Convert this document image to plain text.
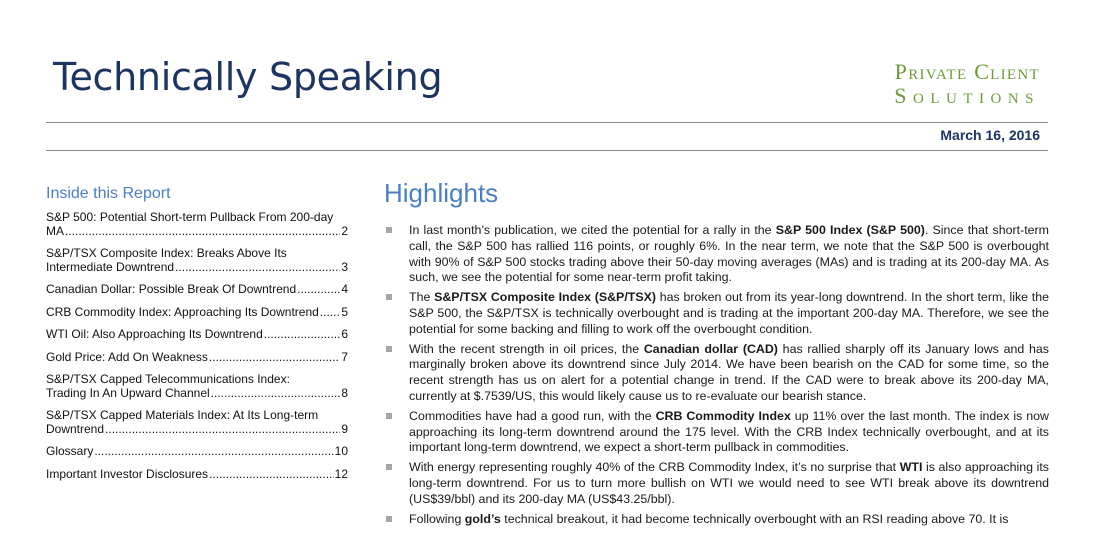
Technically Speaking	Private Client
Solutions
March 16, 2016
Inside this Report
S&P 500: Potential Short-term Pullback From 200-day
MA .....	2
S&P/TSX Composite Index: Breaks Above Its
Intermediate Downtrend .....	3
Canadian Dollar: Possible Break Of Downtrend .....	4
CRB Commodity Index: Approaching Its Downtrend ..... 5
WTI Oil: Also Approaching Its Downtrend .....	6
Gold Price: Add On Weakness .....	7
S&P/TSX Capped Telecommunications Index:
Trading In An Upward Channel .....	8
S&P/TSX Capped Materials Index: At Its Long-term
Downtrend .....	9
Glossary .....	10
Important Investor Disclosures .....	12
Highlights
In last month’s publication, we cited the potential for a rally in the S&P 500 Index (S&P 500). Since that short-term call, the S&P 500 has rallied 116 points, or roughly 6%. In the near term, we note that the S&P 500 is overbought with 90% of S&P 500 stocks trading above their 50-day moving averages (MAs) and is trading at its 200-day MA. As such, we see the potential for some near-term profit taking.
The S&P/TSX Composite Index (S&P/TSX) has broken out from its year-long downtrend. In the short term, like the S&P 500, the S&P/TSX is technically overbought and is trading at the important 200-day MA. Therefore, we see the potential for some backing and filling to work off the overbought condition.
With the recent strength in oil prices, the Canadian dollar (CAD) has rallied sharply off its January lows and has marginally broken above its downtrend since July 2014. We have been bearish on the CAD for some time, so the recent strength has us on alert for a potential change in trend. If the CAD were to break above its 200-day MA, currently at $.7539/US, this would likely cause us to re-evaluate our bearish stance.
Commodities have had a good run, with the CRB Commodity Index up 11% over the last month. The index is now approaching its long-term downtrend around the 175 level. With the CRB Index technically overbought, and at its important long-term downtrend, we expect a short-term pullback in commodities.
With energy representing roughly 40% of the CRB Commodity Index, it’s no surprise that WTI is also approaching its long-term downtrend. For us to turn more bullish on WTI we would need to see WTI break above its downtrend (US$39/bbl) and its 200-day MA (US$43.25/bbl).
Following gold’s technical breakout, it had become technically overbought with an RSI reading above 70. It is
